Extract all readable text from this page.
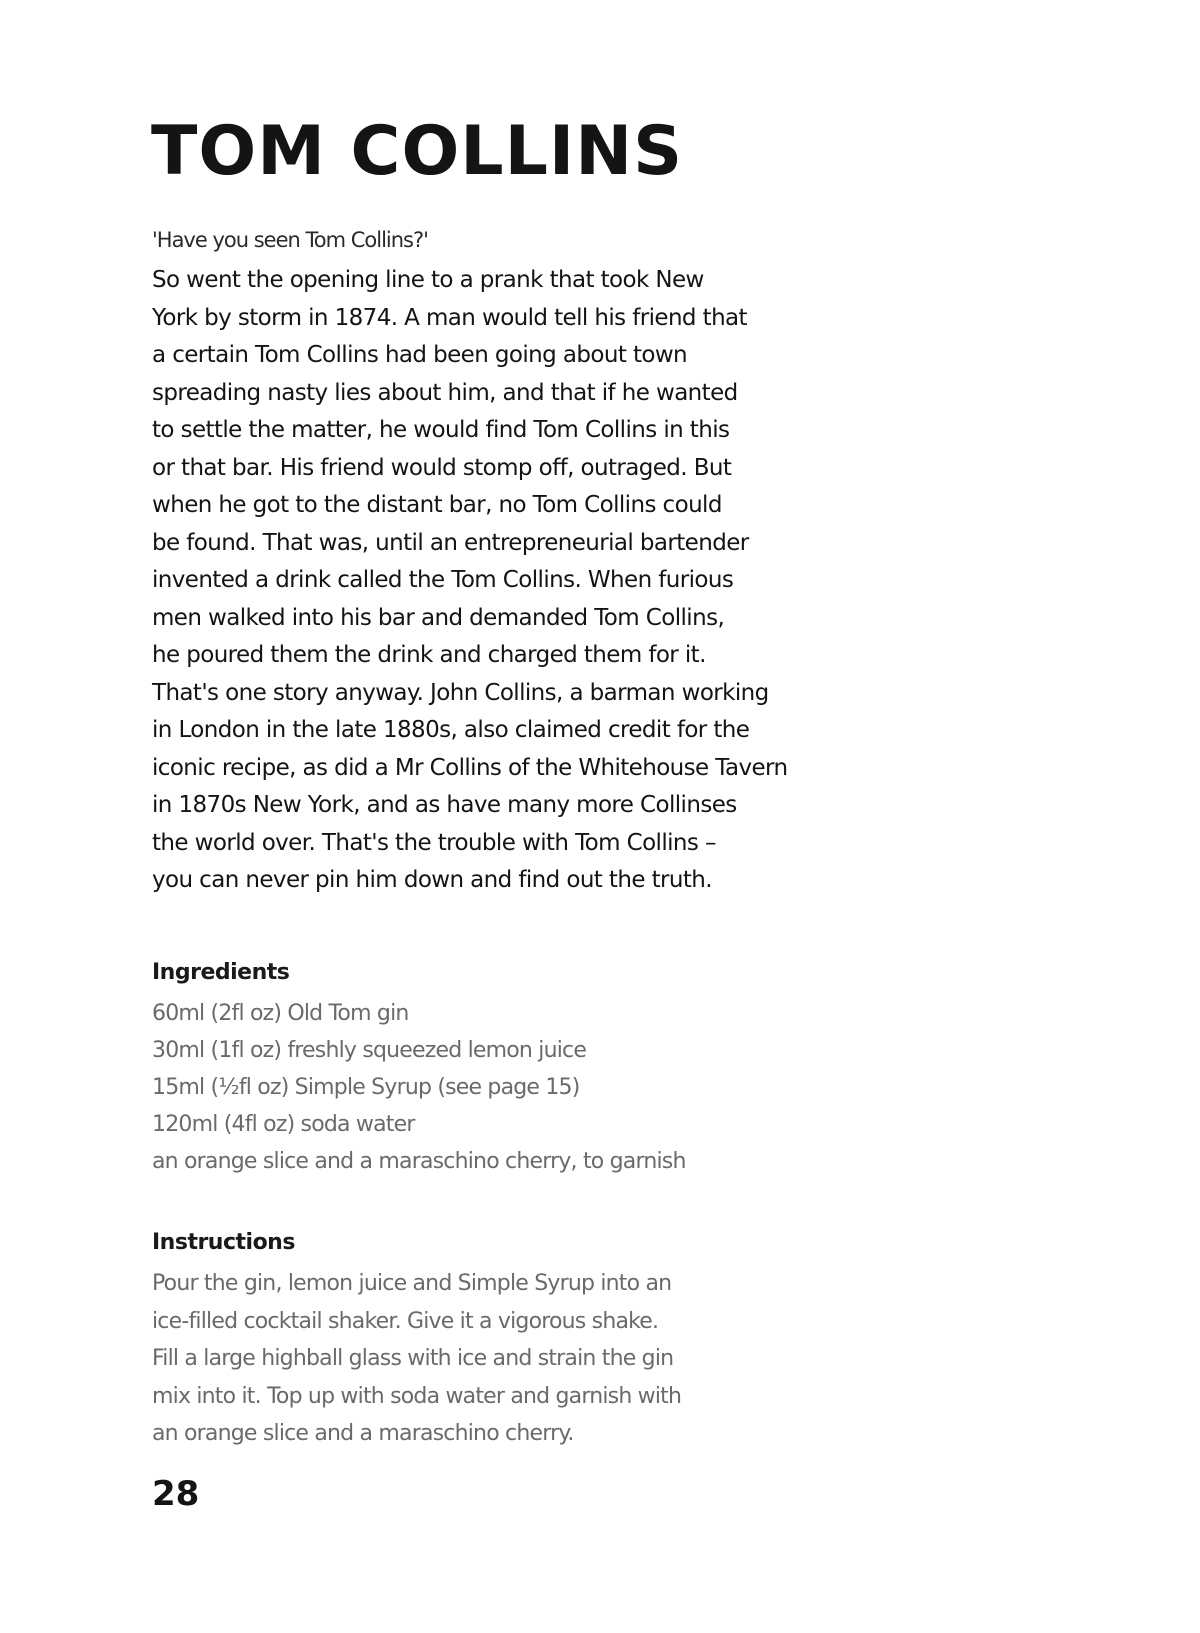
TOM COLLINS

'Have you seen Tom Collins?'

So went the opening line to a prank that took New
York by storm in 1874. A man would tell his friend that
a certain Tom Collins had been going about town
spreading nasty lies about him, and that if he wanted
to settle the matter, he would find Tom Collins in this
or that bar. His friend would stomp off, outraged. But
when he got to the distant bar, no Tom Collins could
be found. That was, until an entrepreneurial bartender
invented a drink called the Tom Collins. When furious
men walked into his bar and demanded Tom Collins,
he poured them the drink and charged them for it.
That's one story anyway. John Collins, a barman working
in London in the late 1880s, also claimed credit for the
iconic recipe, as did a Mr Collins of the Whitehouse Tavern
in 1870s New York, and as have many more Collinses
the world over. That's the trouble with Tom Collins –
you can never pin him down and find out the truth.
Ingredients
60ml (2fl oz) Old Tom gin
30ml (1fl oz) freshly squeezed lemon juice
15ml (½fl oz) Simple Syrup (see page 15)
120ml (4fl oz) soda water
an orange slice and a maraschino cherry, to garnish
Instructions
Pour the gin, lemon juice and Simple Syrup into an
ice-filled cocktail shaker. Give it a vigorous shake.
Fill a large highball glass with ice and strain the gin
mix into it. Top up with soda water and garnish with
an orange slice and a maraschino cherry.
28
